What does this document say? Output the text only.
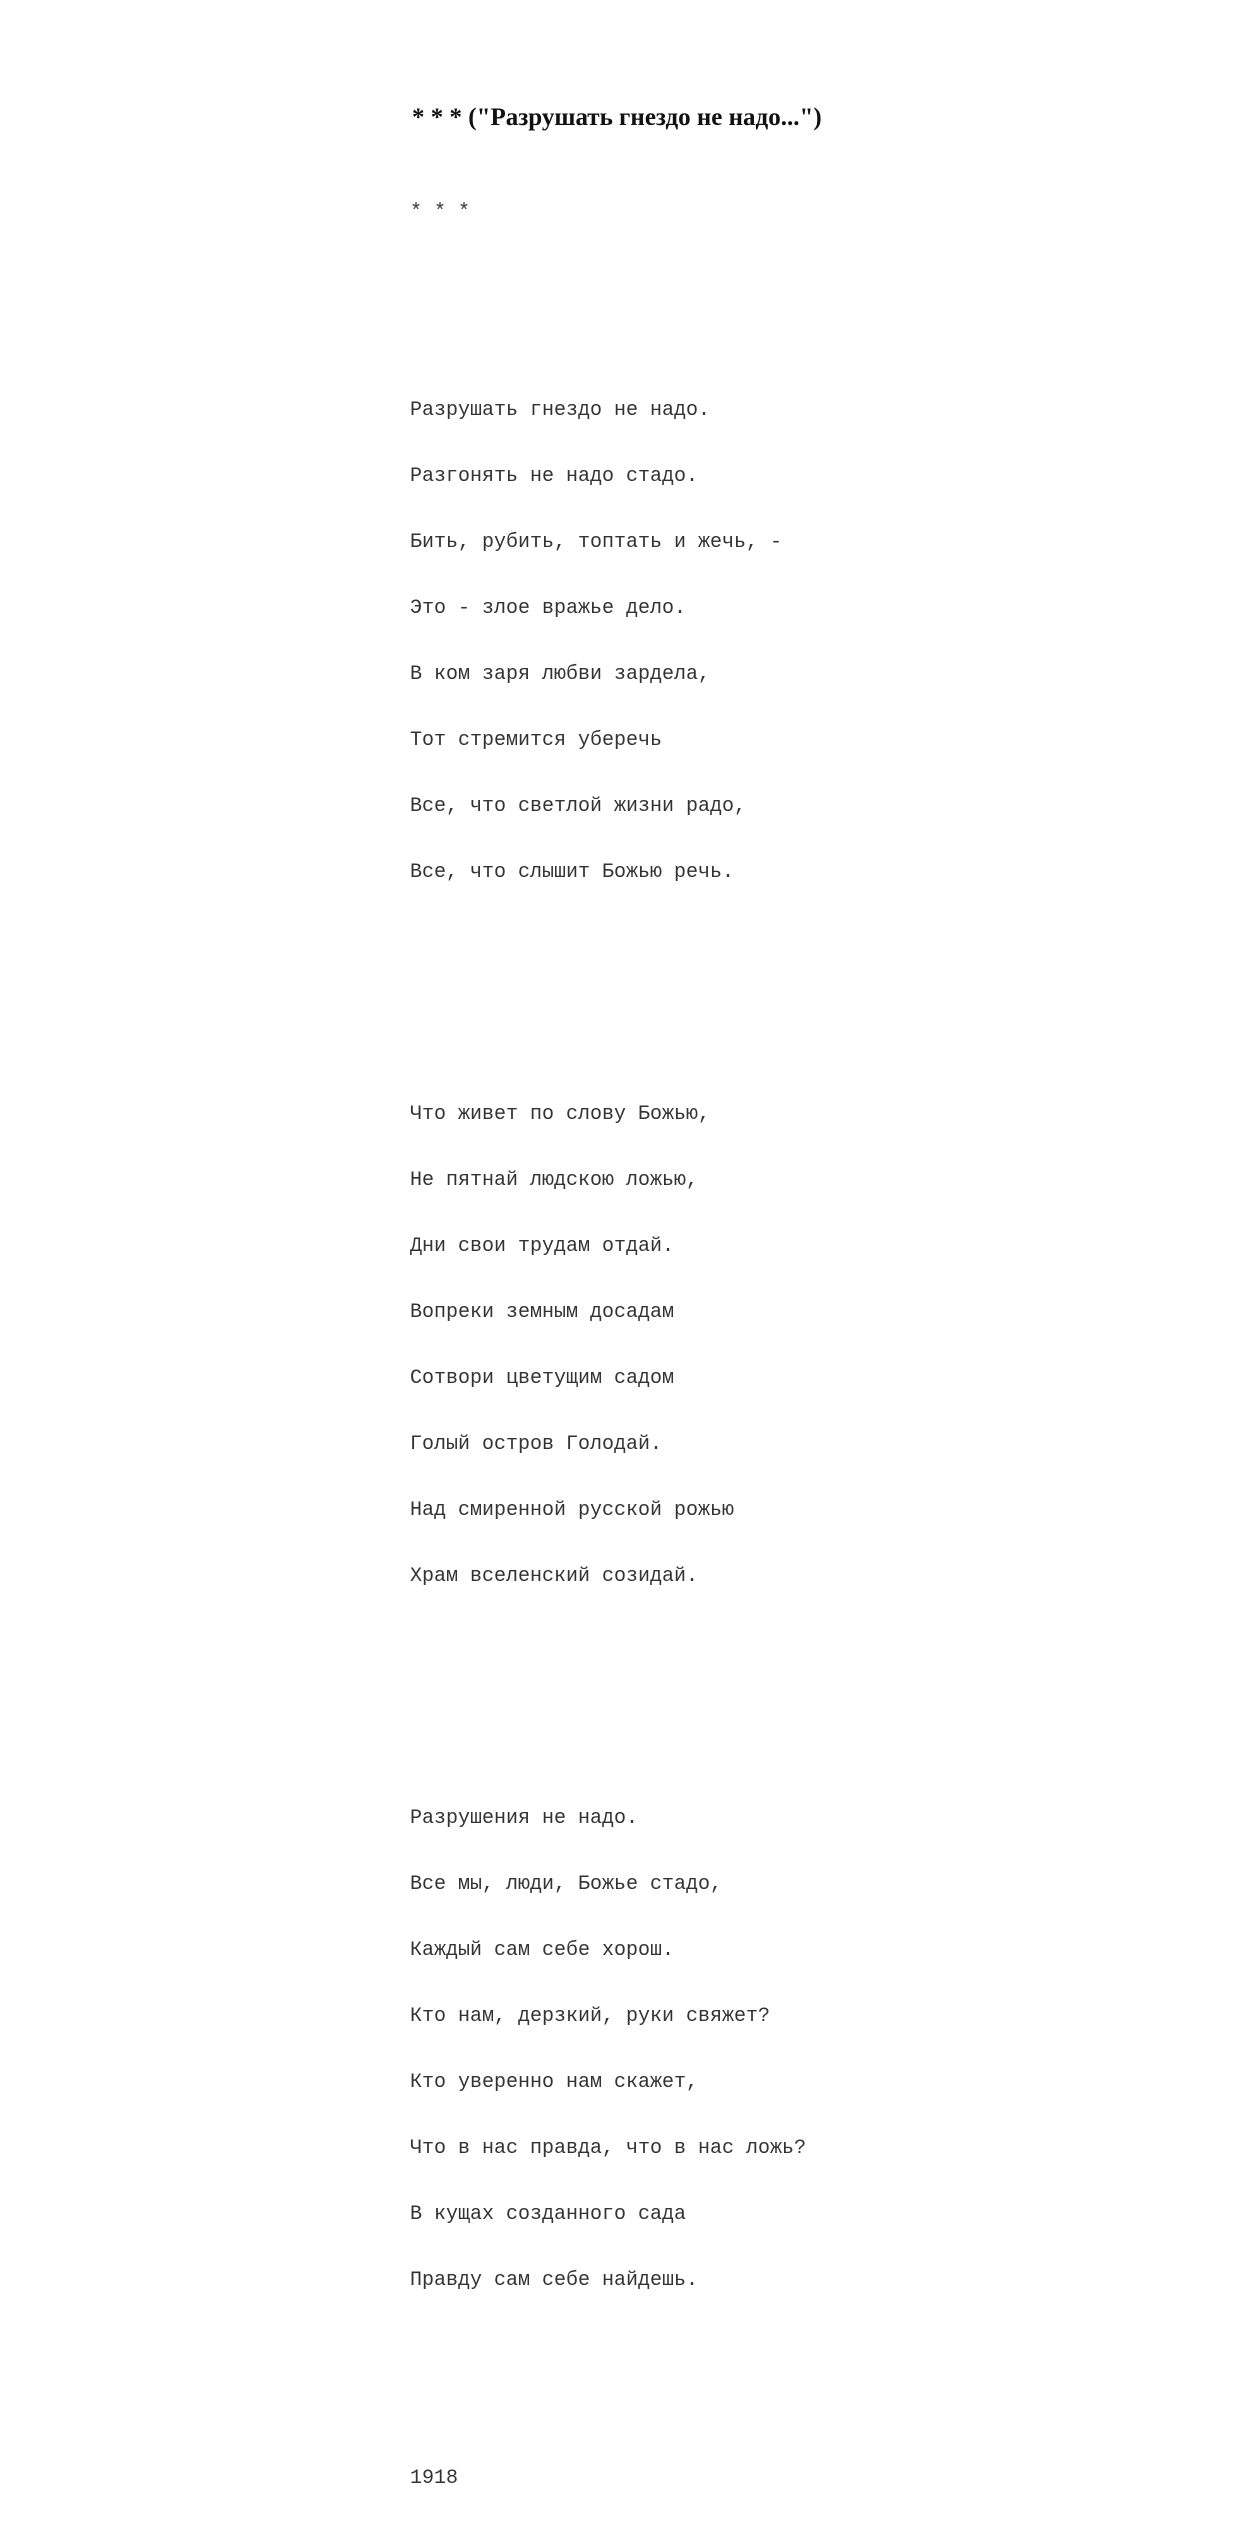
* * * ("Разрушать гнездо не надо...")

* * *

Разрушать гнездо не надо.

Разгонять не надо стадо.

Бить, рубить, топтать и жечь, -

Это - злое вражье дело.

В ком заря любви зардела,

Тот стремится уберечь

Все, что светлой жизни радо,

Все, что слышит Божью речь.

Что живет по слову Божью,

Не пятнай людскою ложью,

Дни свои трудам отдай.

Вопреки земным досадам

Сотвори цветущим садом

Голый остров Голодай.

Над смиренной русской рожью

Храм вселенский созидай.

Разрушения не надо.

Все мы, люди, Божье стадо,

Каждый сам себе хорош.

Кто нам, дерзкий, руки свяжет?

Кто уверенно нам скажет,

Что в нас правда, что в нас ложь?

В кущах созданного сада

Правду сам себе найдешь.

1918
